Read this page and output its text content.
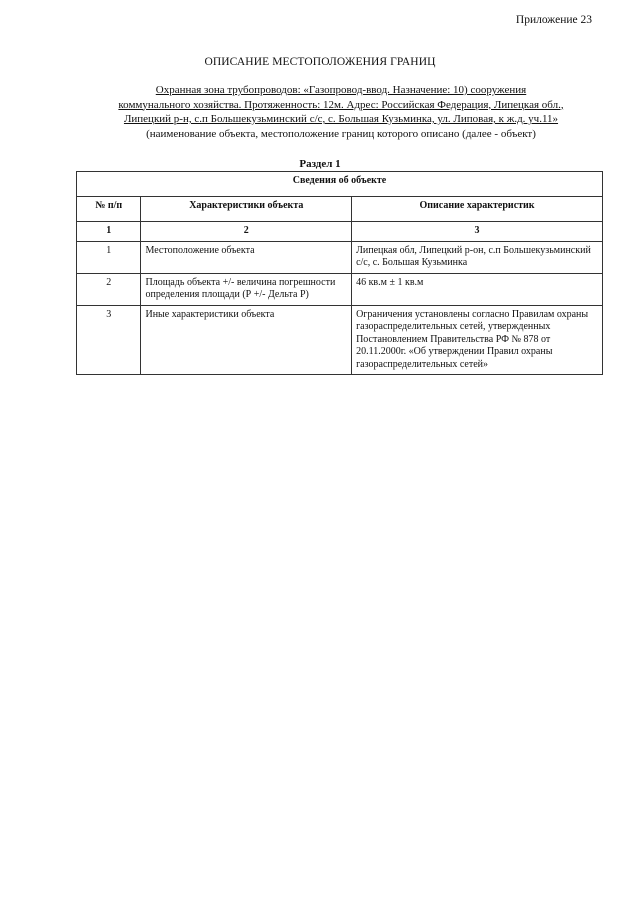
Приложение 23
ОПИСАНИЕ МЕСТОПОЛОЖЕНИЯ ГРАНИЦ
Охранная зона трубопроводов: «Газопровод-ввод. Назначение: 10) сооружения
коммунального хозяйства. Протяженность: 12м. Адрес: Российская Федерация, Липецкая обл.,
Липецкий р-н, с.п Большекузьминский с/с, с. Большая Кузьминка, ул. Липовая, к ж.д. уч.11»
(наименование объекта, местоположение границ которого описано (далее - объект)
Раздел 1
Сведения об объекте		
№ п/п	Характеристики объекта	Описание характеристик
1	2	3
1	Местоположение объекта	Липецкая обл, Липецкий р-он, с.п Большекузьминский с/с, с. Большая Кузьминка
2	Площадь объекта +/- величина погрешности определения площади (Р +/- Дельта Р)	46 кв.м ± 1 кв.м
3	Иные характеристики объекта	Ограничения установлены согласно Правилам охраны газораспределительных сетей, утвержденных Постановлением Правительства РФ № 878 от 20.11.2000г. «Об утверждении Правил охраны газораспределительных сетей»
